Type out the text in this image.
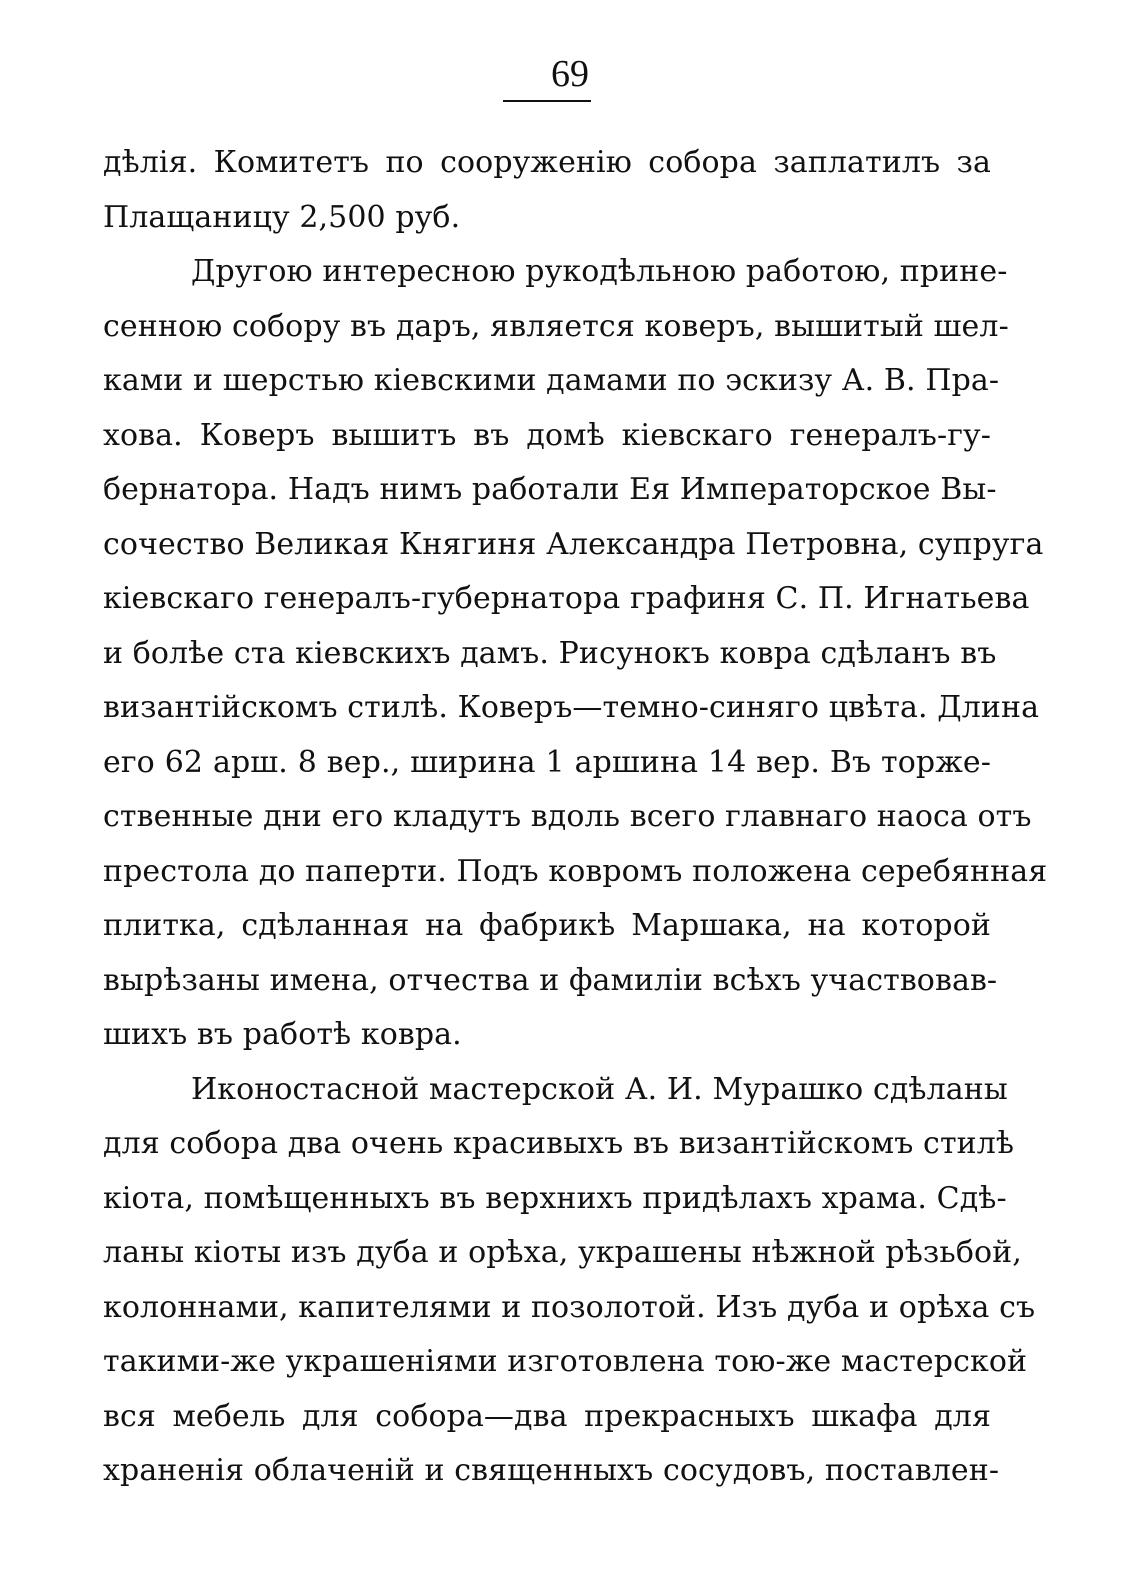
69
дѣлія. Комитетъ по сооруженію собора заплатилъ за
Плащаницу 2,500 руб.
Другою интересною рукодѣльною работою, прине-
сенною собору въ даръ, является коверъ, вышитый шел-
ками и шерстью кіевскими дамами по эскизу А. В. Пра-
хова. Коверъ вышитъ въ домѣ кіевскаго генералъ-гу-
бернатора. Надъ нимъ работали Ея Императорское Вы-
сочество Великая Княгиня Александра Петровна, супруга
кіевскаго генералъ-губернатора графиня С. П. Игнатьева
и болѣе ста кіевскихъ дамъ. Рисунокъ ковра сдѣланъ въ
византійскомъ стилѣ. Коверъ—темно-синяго цвѣта. Длина
его 62 арш. 8 вер., ширина 1 аршина 14 вер. Въ торже-
ственные дни его кладутъ вдоль всего главнаго наоса отъ
престола до паперти. Подъ ковромъ положена серебянная
плитка, сдѣланная на фабрикѣ Маршака, на которой
вырѣзаны имена, отчества и фамиліи всѣхъ участвовав-
шихъ въ работѣ ковра.
Иконостасной мастерской А. И. Мурашко сдѣланы
для собора два очень красивыхъ въ византійскомъ стилѣ
кіота, помѣщенныхъ въ верхнихъ придѣлахъ храма. Сдѣ-
ланы кіоты изъ дуба и орѣха, украшены нѣжной рѣзьбой,
колоннами, капителями и позолотой. Изъ дуба и орѣха съ
такими-же украшеніями изготовлена тою-же мастерской
вся мебель для собора—два прекрасныхъ шкафа для
храненія облаченій и священныхъ сосудовъ, поставлен-
